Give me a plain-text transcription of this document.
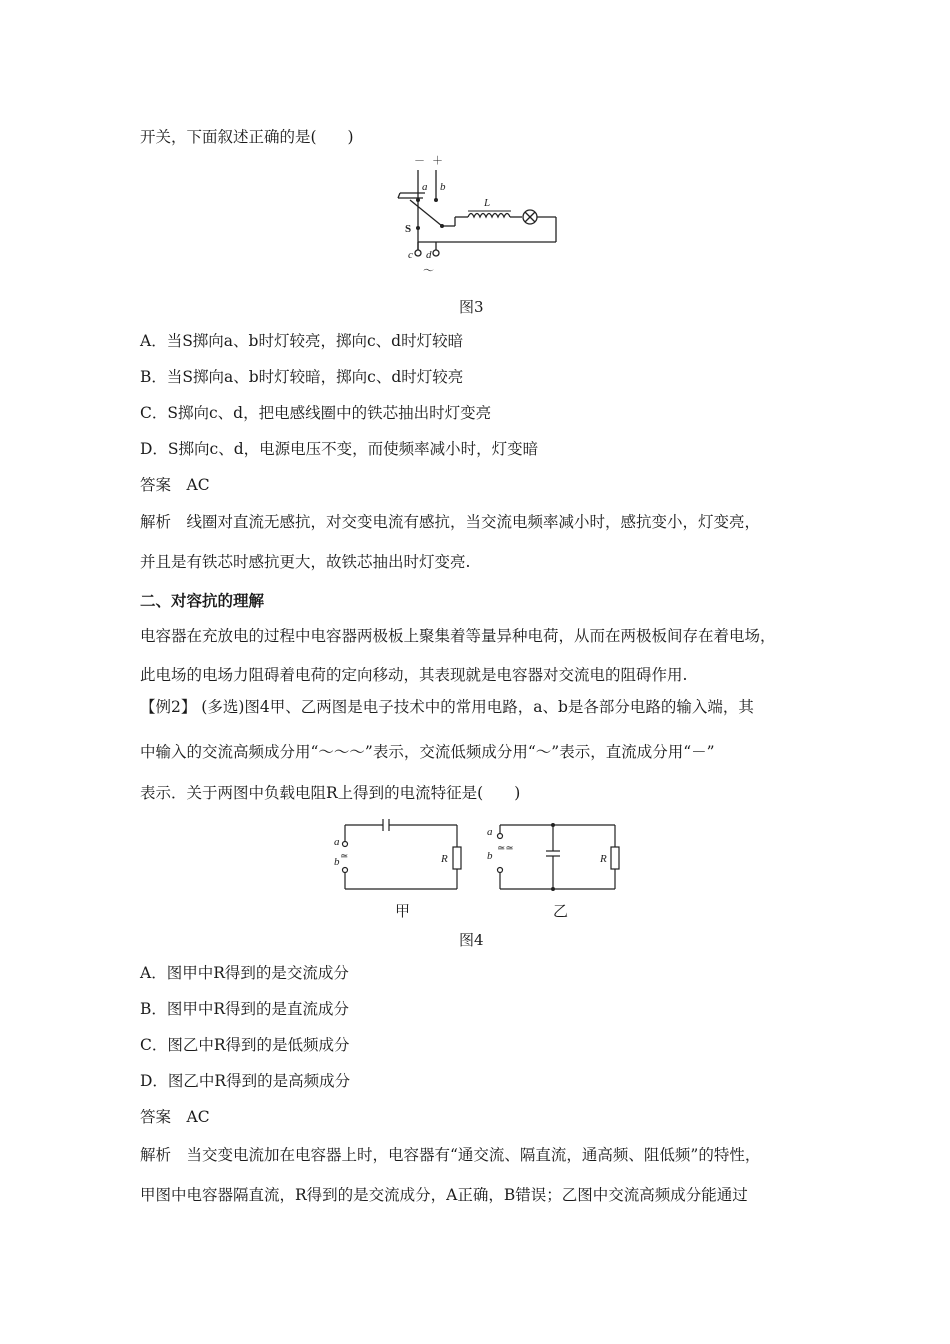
开关，下面叙述正确的是(　　)
－ ＋
a b
L
S
c d
～
图3
A．当S掷向a、b时灯较亮，掷向c、d时灯较暗
B．当S掷向a、b时灯较暗，掷向c、d时灯较亮
C．S掷向c、d，把电感线圈中的铁芯抽出时灯变亮
D．S掷向c、d，电源电压不变，而使频率减小时，灯变暗
答案　AC
解析　线圈对直流无感抗，对交变电流有感抗，当交流电频率减小时，感抗变小，灯变亮，
并且是有铁芯时感抗更大，故铁芯抽出时灯变亮.
二、对容抗的理解
电容器在充放电的过程中电容器两极板上聚集着等量异种电荷，从而在两极板间存在着电场，
此电场的电场力阻碍着电荷的定向移动，其表现就是电容器对交流电的阻碍作用.
【例2】 (多选)图4甲、乙两图是电子技术中的常用电路，a、b是各部分电路的输入端，其
中输入的交流高频成分用“～～～”表示，交流低频成分用“～”表示，直流成分用“－”
表示．关于两图中负载电阻R上得到的电流特征是(　　)
a
b ≃	R
a
b
≃≃
R
甲	乙
图4
A．图甲中R得到的是交流成分
B．图甲中R得到的是直流成分
C．图乙中R得到的是低频成分
D．图乙中R得到的是高频成分
答案　AC
解析　当交变电流加在电容器上时，电容器有“通交流、隔直流，通高频、阻低频”的特性，
甲图中电容器隔直流，R得到的是交流成分，A正确，B错误；乙图中交流高频成分能通过
